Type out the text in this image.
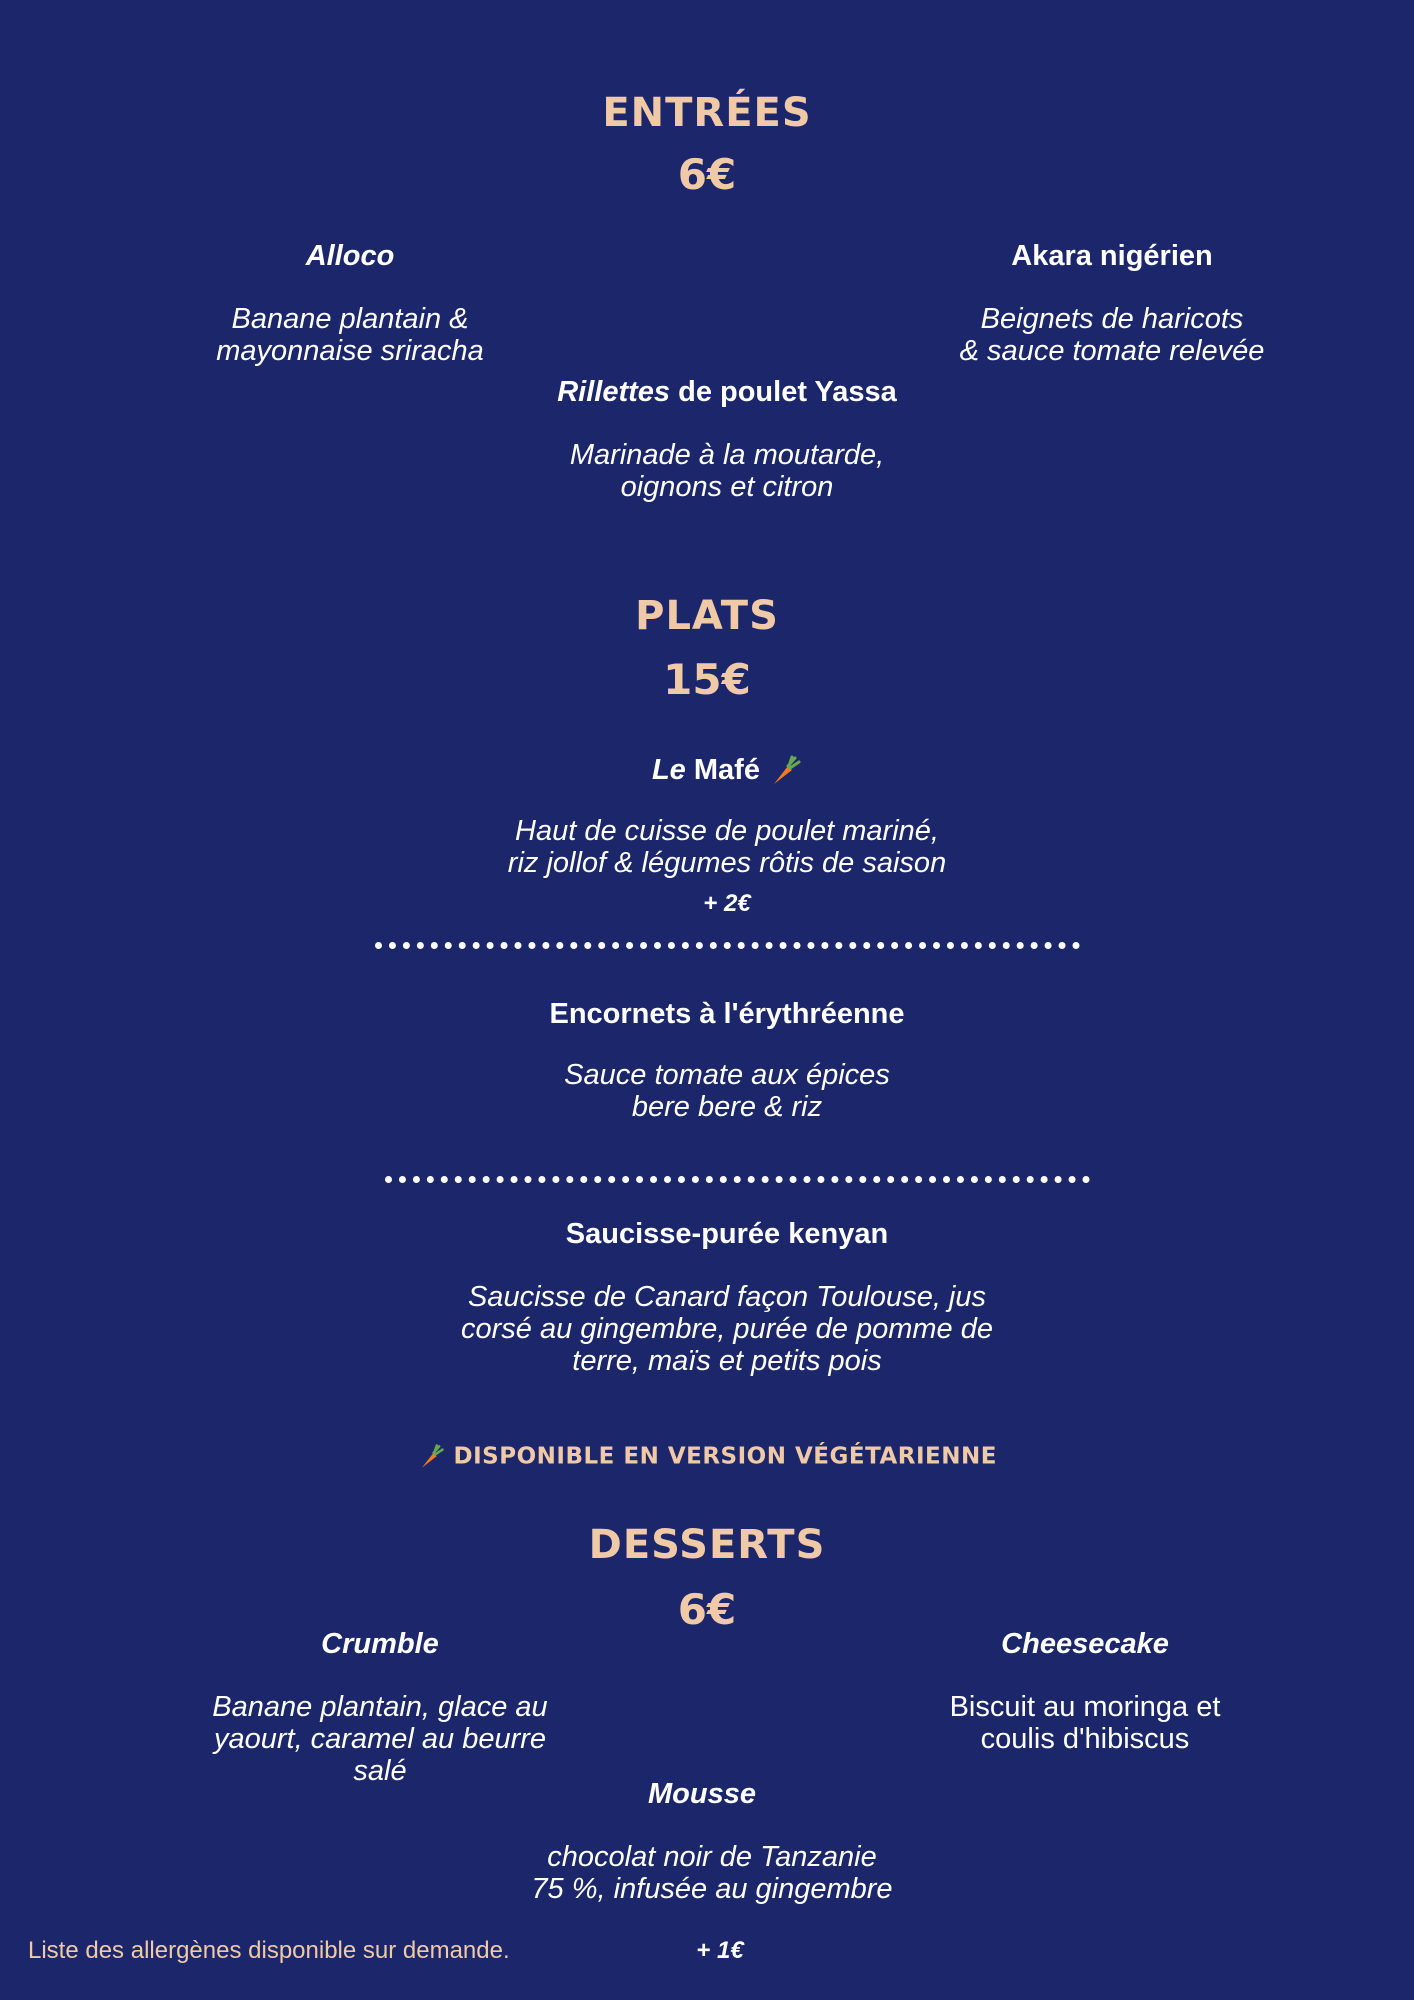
ENTRÉES
6€
Alloco
Banane plantain &
mayonnaise sriracha
Akara nigérien
Beignets de haricots
& sauce tomate relevée
Rillettes de poulet Yassa
Marinade à la moutarde,
oignons et citron
PLATS
15€
Le Mafé
Haut de cuisse de poulet mariné,
riz jollof & légumes rôtis de saison
+ 2€
Encornets à l'érythréenne
Sauce tomate aux épices
bere bere & riz
Saucisse-purée kenyan
Saucisse de Canard façon Toulouse, jus
corsé au gingembre, purée de pomme de
terre, maïs et petits pois
DISPONIBLE EN VERSION VÉGÉTARIENNE
DESSERTS
6€
Crumble
Banane plantain, glace au
yaourt, caramel au beurre
salé
Cheesecake
Biscuit au moringa et
coulis d'hibiscus
Mousse
chocolat noir de Tanzanie
75 %, infusée au gingembre
+ 1€
Liste des allergènes disponible sur demande.
